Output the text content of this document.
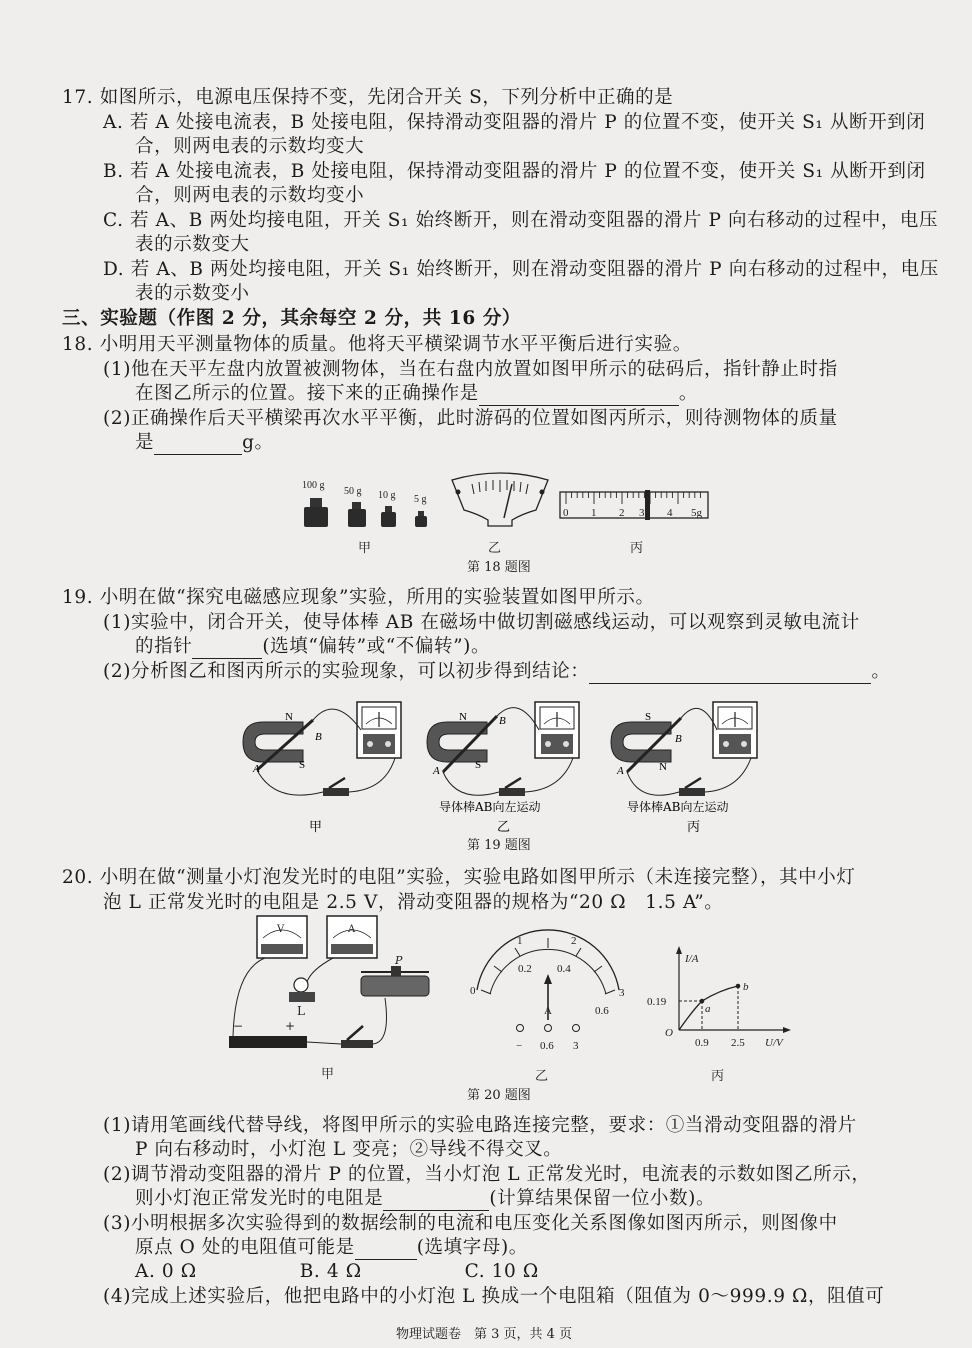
17. 如图所示，电源电压保持不变，先闭合开关 S，下列分析中正确的是
A. 若 A 处接电流表，B 处接电阻，保持滑动变阻器的滑片 P 的位置不变，使开关 S₁ 从断开到闭
合，则两电表的示数均变大
B. 若 A 处接电流表，B 处接电阻，保持滑动变阻器的滑片 P 的位置不变，使开关 S₁ 从断开到闭
合，则两电表的示数均变小
C. 若 A、B 两处均接电阻，开关 S₁ 始终断开，则在滑动变阻器的滑片 P 向右移动的过程中，电压
表的示数变大
D. 若 A、B 两处均接电阻，开关 S₁ 始终断开，则在滑动变阻器的滑片 P 向右移动的过程中，电压
表的示数变小
三、实验题（作图 2 分，其余每空 2 分，共 16 分）
18. 小明用天平测量物体的质量。他将天平横梁调节水平平衡后进行实验。
(1)他在天平左盘内放置被测物体，当在右盘内放置如图甲所示的砝码后，指针静止时指
在图乙所示的位置。接下来的正确操作是	。
(2)正确操作后天平横梁再次水平平衡，此时游码的位置如图丙所示，则待测物体的质量
是	g。
100 g
50 g 10 g 5 g
0 1 2 3 4 5g
甲	乙	丙
第 18 题图
19. 小明在做“探究电磁感应现象”实验，所用的实验装置如图甲所示。
(1)实验中，闭合开关，使导体棒 AB 在磁场中做切割磁感线运动，可以观察到灵敏电流计
的指针	(选填“偏转”或“不偏转”)。
(2)分析图乙和图丙所示的实验现象，可以初步得到结论：	。
N
S
A
B
甲
N
S
A
B
导体棒AB向左运动
乙
S
N
A
B
导体棒AB向左运动
丙
第 19 题图
20. 小明在做“测量小灯泡发光时的电阻”实验，实验电路如图甲所示（未连接完整），其中小灯
泡 L 正常发光时的电阻是 2.5 V，滑动变阻器的规格为“20 Ω　1.5 A”。
V	A
L
P
−	+
甲
1	2
0.2 0.4
0
0.6
3
A
− 0.6 3
乙
I/A
U/V
O
0.19
0.9 2.5
a
b
丙
第 20 题图
(1)请用笔画线代替导线，将图甲所示的实验电路连接完整，要求：①当滑动变阻器的滑片
P 向右移动时，小灯泡 L 变亮；②导线不得交叉。
(2)调节滑动变阻器的滑片 P 的位置，当小灯泡 L 正常发光时，电流表的示数如图乙所示，
则小灯泡正常发光时的电阻是	(计算结果保留一位小数)。
(3)小明根据多次实验得到的数据绘制的电流和电压变化关系图像如图丙所示，则图像中
原点 O 处的电阻值可能是	(选填字母)。
A. 0 Ω	B. 4 Ω	C. 10 Ω
(4)完成上述实验后，他把电路中的小灯泡 L 换成一个电阻箱（阻值为 0～999.9 Ω，阻值可
物理试题卷　第 3 页，共 4 页
